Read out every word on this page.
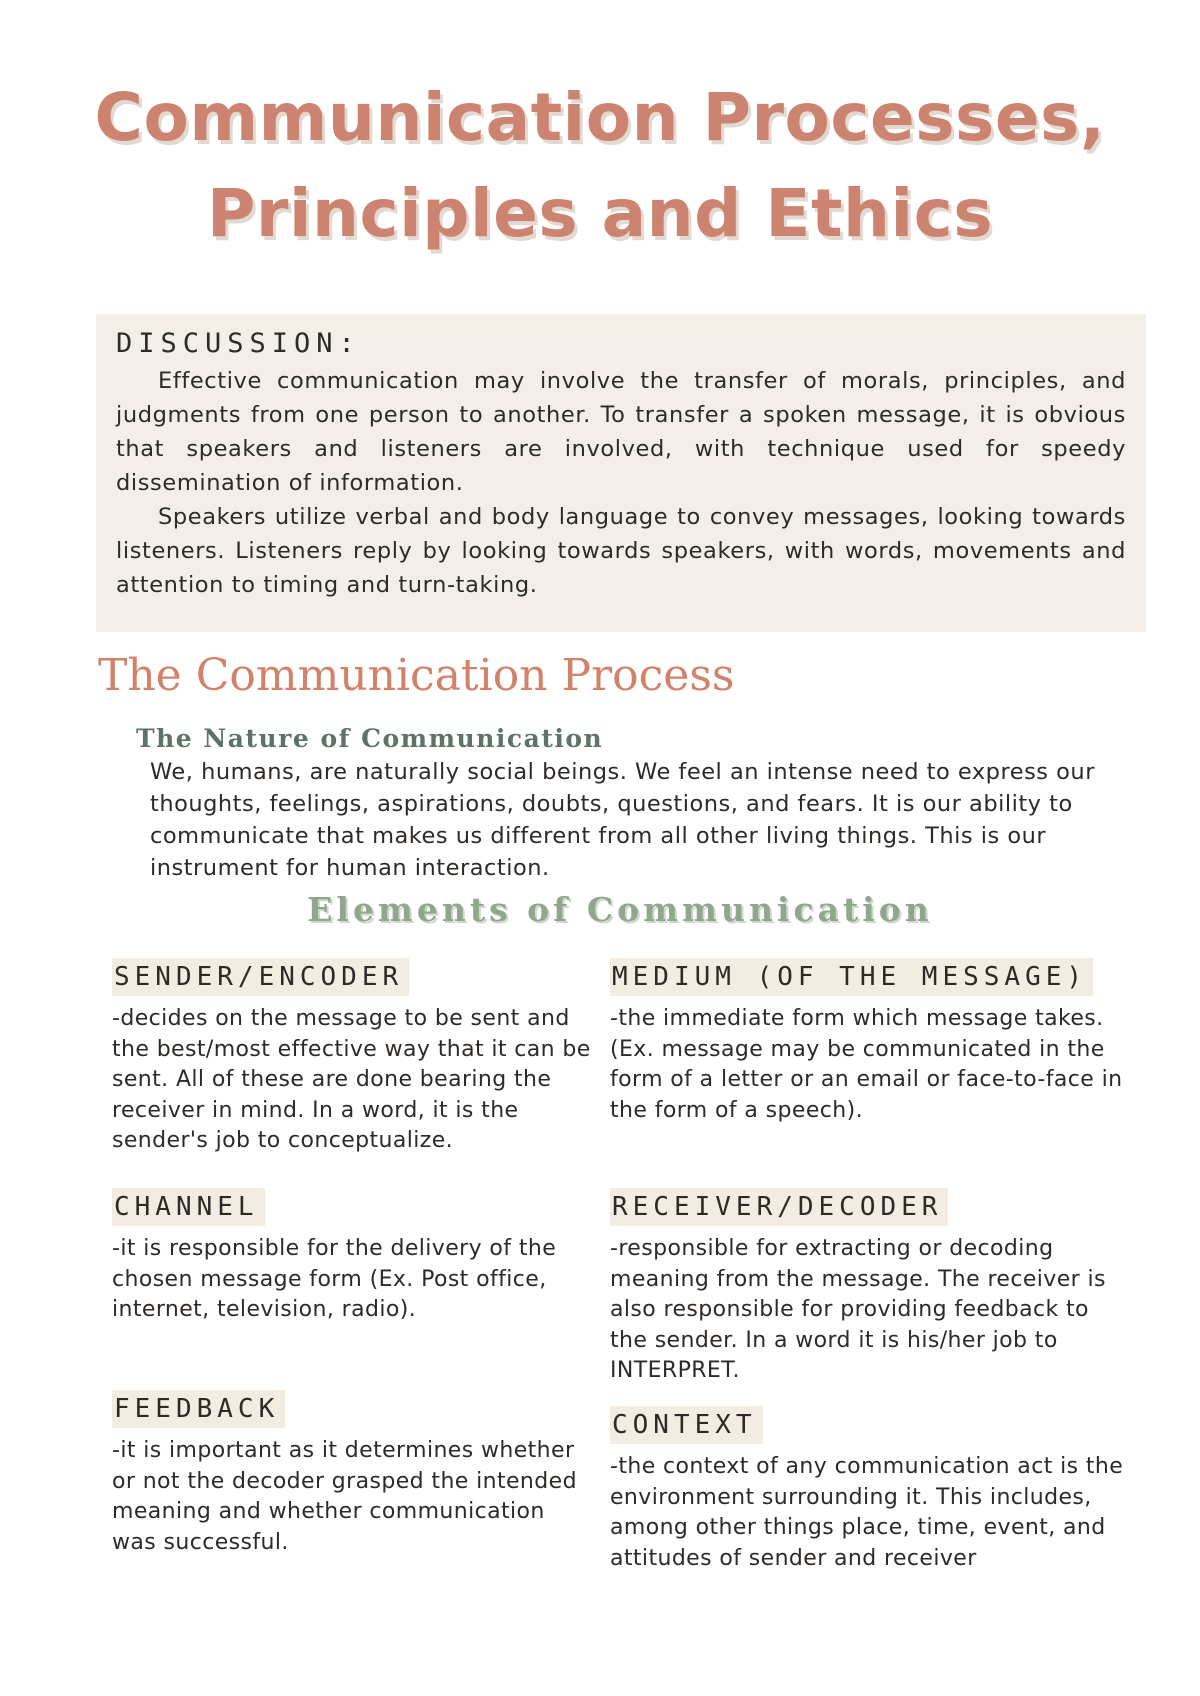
Communication Processes,
Principles and Ethics
DISCUSSION:

Effective communication may involve the transfer of morals, principles, and judgments from one person to another. To transfer a spoken message, it is obvious that speakers and listeners are involved, with technique used for speedy dissemination of information.

Speakers utilize verbal and body language to convey messages, looking towards listeners. Listeners reply by looking towards speakers, with words, movements and attention to timing and turn-taking.

The Communication Process
The Nature of Communication
We, humans, are naturally social beings. We feel an intense need to express our thoughts, feelings, aspirations, doubts, questions, and fears. It is our ability to communicate that makes us different from all other living things. This is our instrument for human interaction.
Elements of Communication
SENDER/ENCODER
-decides on the message to be sent and the best/most effective way that it can be sent. All of these are done bearing the receiver in mind. In a word, it is the sender's job to conceptualize.
MEDIUM (OF THE MESSAGE)
-the immediate form which message takes. (Ex. message may be communicated in the form of a letter or an email or face-to-face in the form of a speech).
CHANNEL
-it is responsible for the delivery of the chosen message form (Ex. Post office, internet, television, radio).
RECEIVER/DECODER
-responsible for extracting or decoding meaning from the message. The receiver is also responsible for providing feedback to the sender. In a word it is his/her job to INTERPRET.
FEEDBACK
-it is important as it determines whether or not the decoder grasped the intended meaning and whether communication was successful.
CONTEXT
-the context of any communication act is the environment surrounding it. This includes, among other things place, time, event, and attitudes of sender and receiver
